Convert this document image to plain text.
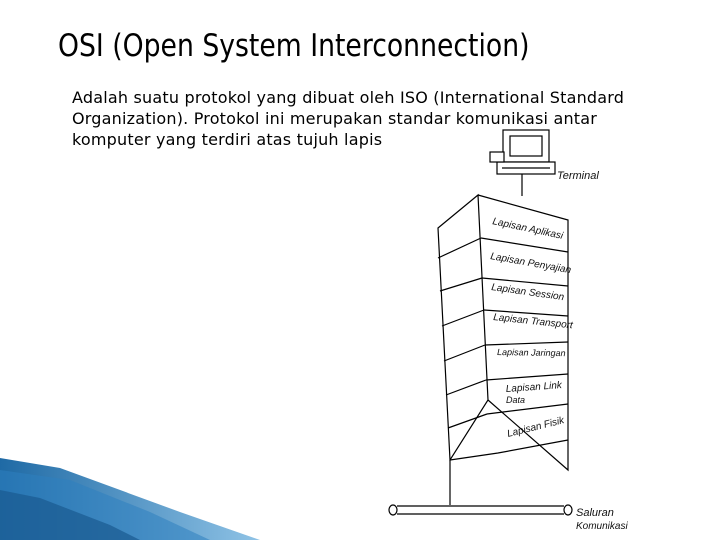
OSI (Open System Interconnection)
Adalah suatu protokol yang dibuat oleh ISO (International Standard
Organization). Protokol ini merupakan standar komunikasi antar
komputer yang terdiri atas tujuh lapis
Terminal
Lapisan Aplikasi
Lapisan Penyajian
Lapisan Session
Lapisan Transport
Lapisan Jaringan
Lapisan Link
Data
Lapisan Fisik
Saluran
Komunikasi
